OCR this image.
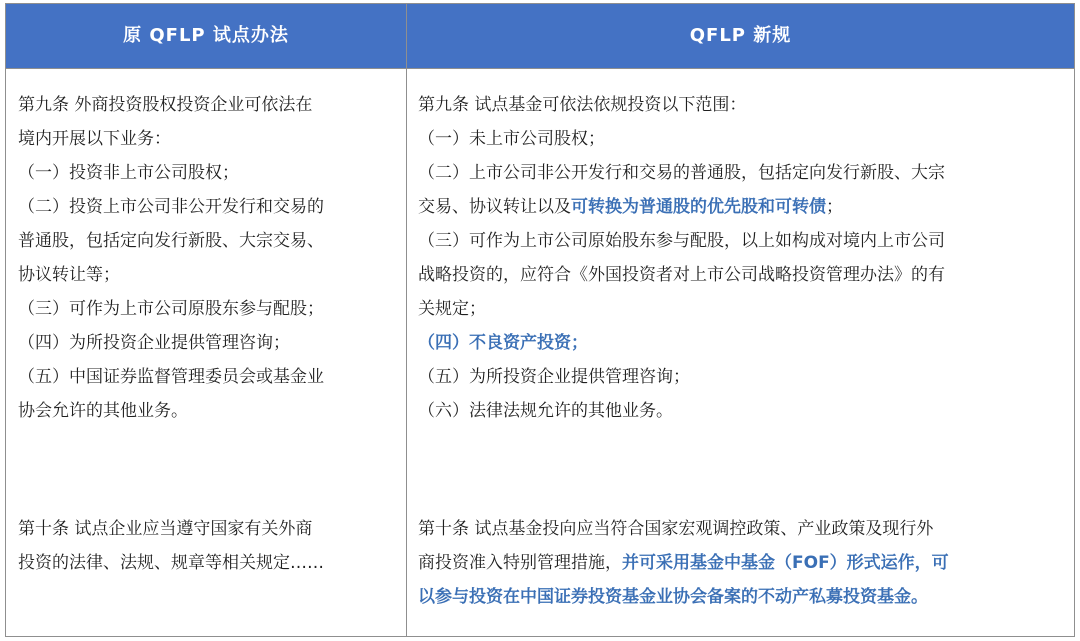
原 QFLP 试点办法	QFLP 新规

第九条 外商投资股权投资企业可依法在

境内开展以下业务：

（一）投资非上市公司股权；

（二）投资上市公司非公开发行和交易的

普通股，包括定向发行新股、大宗交易、

协议转让等；

（三）可作为上市公司原股东参与配股；

（四）为所投资企业提供管理咨询；

（五）中国证券监督管理委员会或基金业

协会允许的其他业务。

第十条 试点企业应当遵守国家有关外商

投资的法律、法规、规章等相关规定……

第九条 试点基金可依法依规投资以下范围：

（一）未上市公司股权；

（二）上市公司非公开发行和交易的普通股，包括定向发行新股、大宗

交易、协议转让以及可转换为普通股的优先股和可转债；

（三）可作为上市公司原始股东参与配股，以上如构成对境内上市公司

战略投资的，应符合《外国投资者对上市公司战略投资管理办法》的有

关规定；

（四）不良资产投资；

（五）为所投资企业提供管理咨询；

（六）法律法规允许的其他业务。

第十条 试点基金投向应当符合国家宏观调控政策、产业政策及现行外

商投资准入特别管理措施，并可采用基金中基金（FOF）形式运作，可

以参与投资在中国证券投资基金业协会备案的不动产私募投资基金。
